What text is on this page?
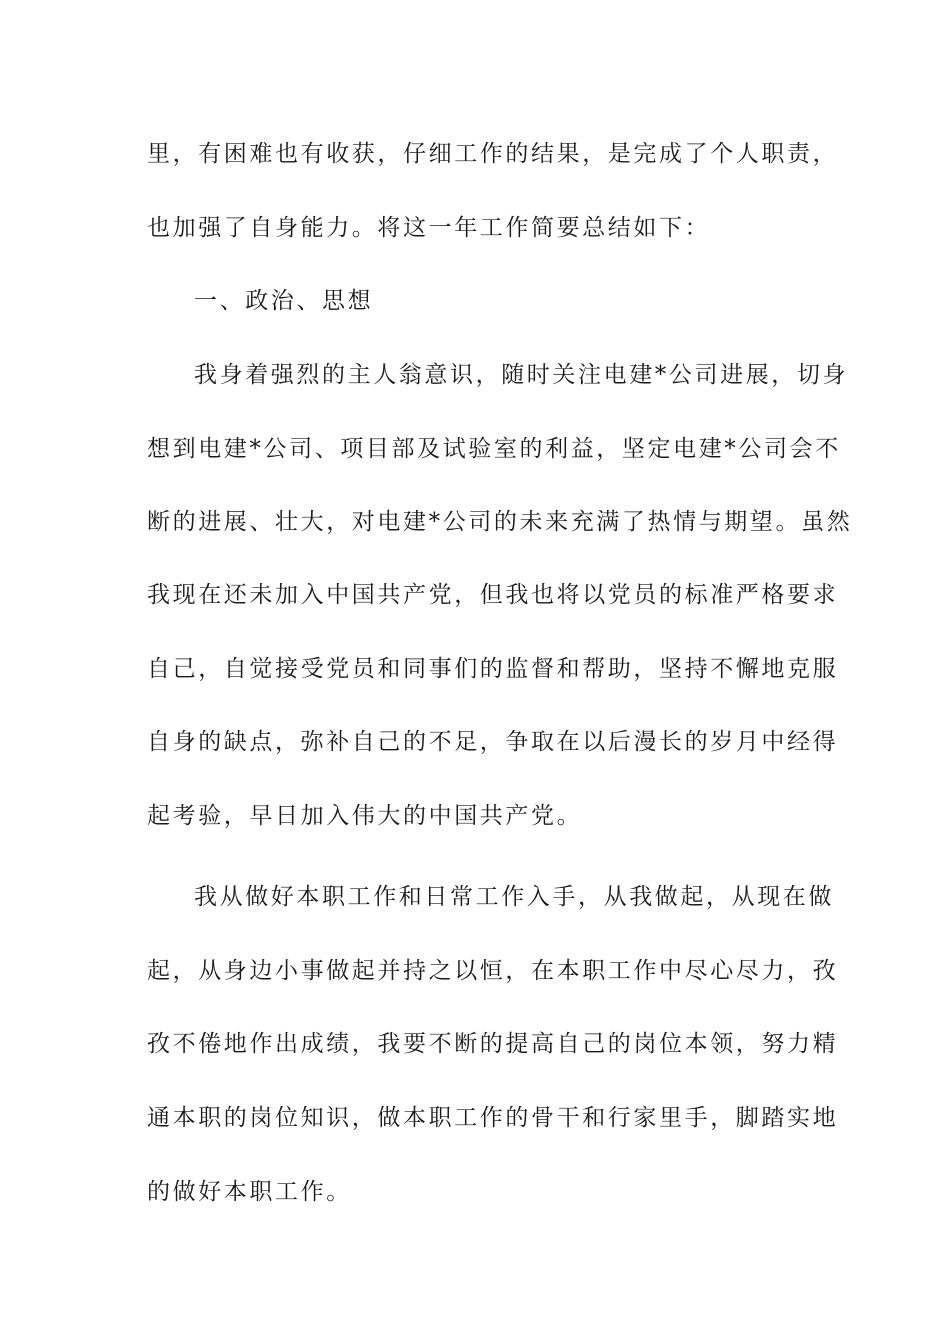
里，有困难也有收获，仔细工作的结果，是完成了个人职责，
也加强了自身能力。将这一年工作简要总结如下：
一、政治、思想
我身着强烈的主人翁意识，随时关注电建*公司进展，切身
想到电建*公司、项目部及试验室的利益，坚定电建*公司会不
断的进展、壮大，对电建*公司的未来充满了热情与期望。虽然
我现在还未加入中国共产党，但我也将以党员的标准严格要求
自己，自觉接受党员和同事们的监督和帮助，坚持不懈地克服
自身的缺点，弥补自己的不足，争取在以后漫长的岁月中经得
起考验，早日加入伟大的中国共产党。
我从做好本职工作和日常工作入手，从我做起，从现在做
起，从身边小事做起并持之以恒，在本职工作中尽心尽力，孜
孜不倦地作出成绩，我要不断的提高自己的岗位本领，努力精
通本职的岗位知识，做本职工作的骨干和行家里手，脚踏实地
的做好本职工作。
